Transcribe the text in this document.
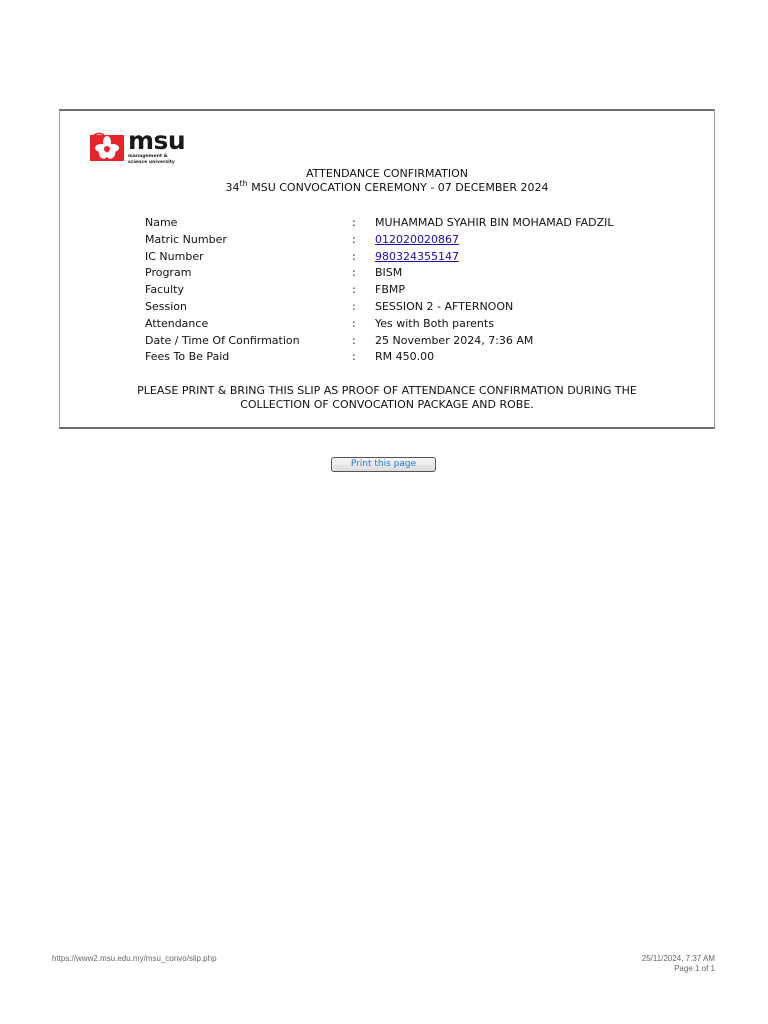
msu
management &
science university
ATTENDANCE CONFIRMATION
34th MSU CONVOCATION CEREMONY - 07 DECEMBER 2024
Name	: MUHAMMAD SYAHIR BIN MOHAMAD FADZIL
Matric Number	: 012020020867
IC Number	: 980324355147
Program	: BISM
Faculty	: FBMP
Session	: SESSION 2 - AFTERNOON
Attendance	: Yes with Both parents
Date / Time Of Confirmation	: 25 November 2024, 7:36 AM
Fees To Be Paid	: RM 450.00
PLEASE PRINT & BRING THIS SLIP AS PROOF OF ATTENDANCE CONFIRMATION DURING THE
COLLECTION OF CONVOCATION PACKAGE AND ROBE.
Print this page
https://www2.msu.edu.my/msu_convo/slip.php	25/11/2024, 7:37 AM
Page 1 of 1
